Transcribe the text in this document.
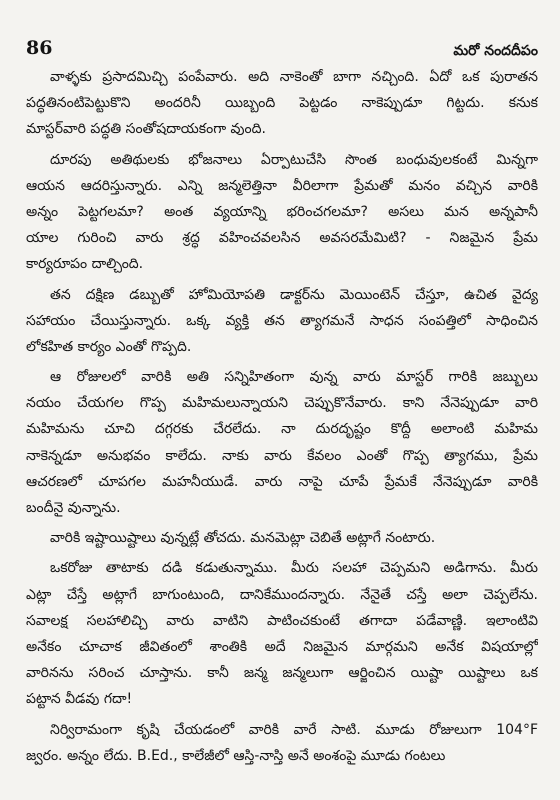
86	మరో నందదీపం
వాళ్ళకు ప్రసాదమిచ్చి పంపేవారు. అది నాకెంతో బాగా నచ్చింది. ఏదో ఒక పురాతన
పద్ధతినంటిపెట్టుకొని అందరినీ యిబ్బంది పెట్టడం నాకెప్పుడూ గిట్టదు. కనుక
మాస్టర్‌వారి పద్ధతి సంతోషదాయకంగా వుంది.
దూరపు అతిథులకు భోజనాలు ఏర్పాటుచేసి సొంత బంధువులకంటే మిన్నగా
ఆయన ఆదరిస్తున్నారు. ఎన్ని జన్మలెత్తినా వీరిలాగా ప్రేమతో మనం వచ్చిన వారికి
అన్నం పెట్టగలమా? అంత వ్యయాన్ని భరించగలమా? అసలు మన అన్నపానీ
యాల గురించి వారు శ్రద్ధ వహించవలసిన అవసరమేమిటి? - నిజమైన ప్రేమ
కార్యరూపం దాల్చింది.
తన దక్షిణ డబ్బుతో హోమియోపతి డాక్టర్‌ను మెయింటెన్ చేస్తూ, ఉచిత వైద్య
సహాయం చేయిస్తున్నారు. ఒక్క వ్యక్తి తన త్యాగమనే సాధన సంపత్తిలో సాధించిన
లోకహిత కార్యం ఎంతో గొప్పది.
ఆ రోజులలో వారికి అతి సన్నిహితంగా వున్న వారు మాస్టర్ గారికి జబ్బులు
నయం చేయగల గొప్ప మహిమలున్నాయని చెప్పుకొనేవారు. కాని నేనెప్పుడూ వారి
మహిమను చూచి దగ్గరకు చేరలేదు. నా దురదృష్టం కొద్దీ అలాంటి మహిమ
నాకెన్నడూ అనుభవం కాలేదు. నాకు వారు కేవలం ఎంతో గొప్ప త్యాగము, ప్రేమ
ఆచరణలో చూపగల మహనీయుడే. వారు నాపై చూపే ప్రేమకే నేనెప్పుడూ వారికి
బందీనై వున్నాను.
వారికి ఇష్టాయిష్టాలు వున్నట్లే తోచదు. మనమెట్లా చెబితే అట్లాగే నంటారు.
ఒకరోజు తాటాకు దడి కడుతున్నాము. మీరు సలహా చెప్పమని అడిగాను. మీరు
ఎట్లా చేస్తే అట్లాగే బాగుంటుంది, దానికేముందన్నారు. నేనైతే చస్తే అలా చెప్పలేను.
సవాలక్ష సలహాలిచ్చి వారు వాటిని పాటించకుంటే తగాదా పడేవాణ్ణి. ఇలాంటివి
అనేకం చూచాక జీవితంలో శాంతికి అదే నిజమైన మార్గమని అనేక విషయాల్లో
వారినను సరించ చూస్తాను. కానీ జన్మ జన్మలుగా ఆర్జించిన యిష్టా యిష్టాలు ఒక
పట్టాన వీడవు గదా!
నిర్విరామంగా కృషి చేయడంలో వారికి వారే సాటి. మూడు రోజులుగా 104°F
జ్వరం. అన్నం లేదు. B.Ed., కాలేజీలో ఆస్తి-నాస్తి అనే అంశంపై మూడు గంటలు
